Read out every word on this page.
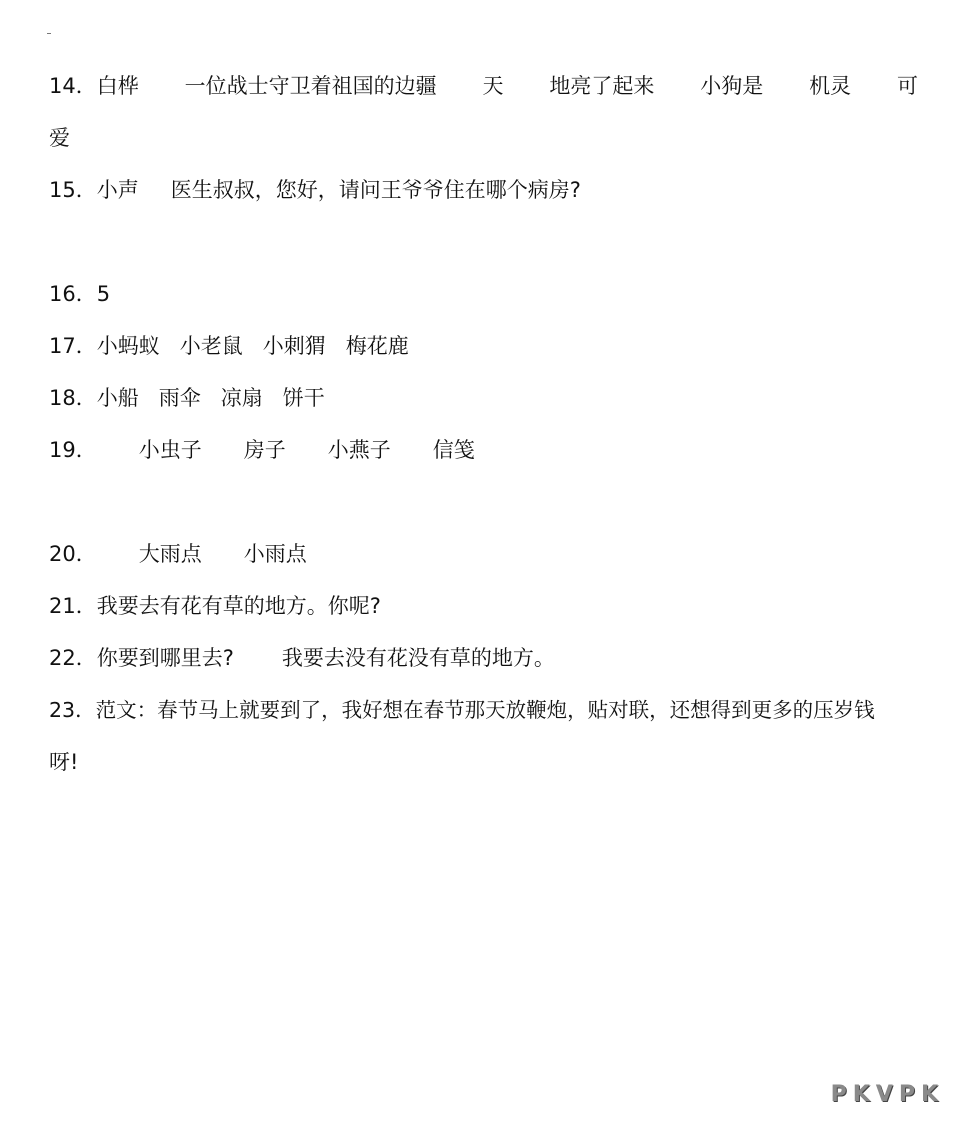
14．白桦 一位战士守卫着祖国的边疆 天 地亮了起来 小狗是 机灵 可
爱
15．小声 医生叔叔，您好，请问王爷爷住在哪个病房?
16．5
17．小蚂蚁 小老鼠 小刺猬 梅花鹿
18．小船 雨伞 凉扇 饼干
19． 小虫子 房子 小燕子 信笺
20． 大雨点 小雨点
21．我要去有花有草的地方。你呢?
22．你要到哪里去? 我要去没有花没有草的地方。
23．范文：春节马上就要到了，我好想在春节那天放鞭炮，贴对联，还想得到更多的压岁钱
呀!
PKVPK
